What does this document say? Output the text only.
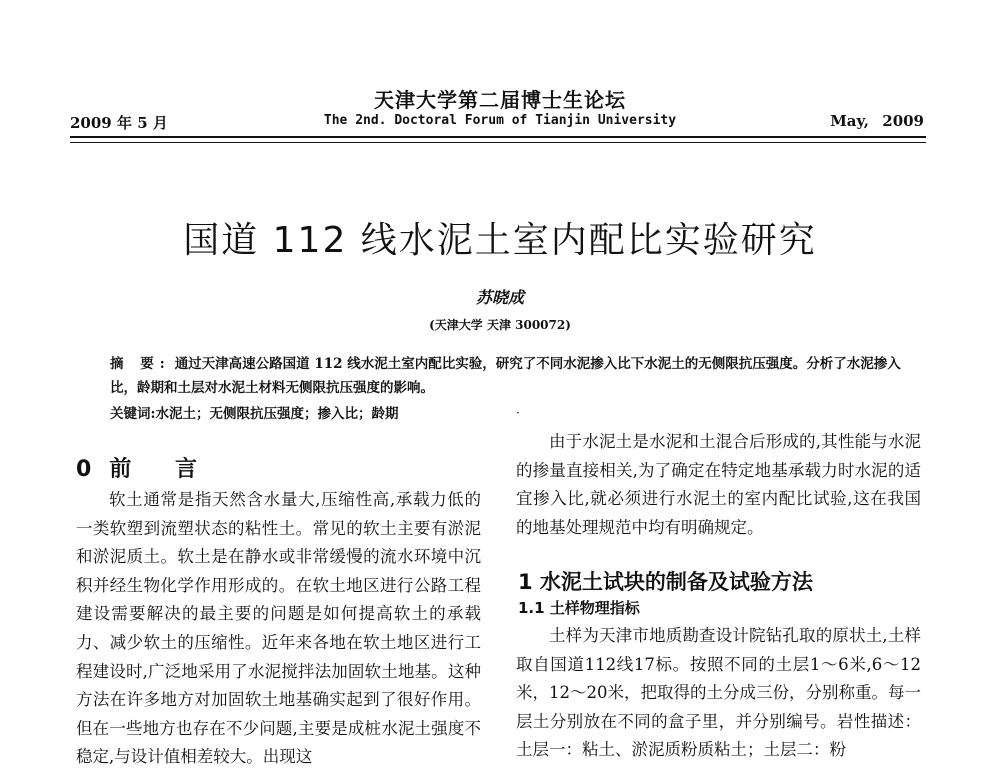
天津大学第二届博士生论坛
2009 年 5 月	The 2nd. Doctoral Forum of Tianjin University	May, 2009
国道 112 线水泥土室内配比实验研究
苏晓成
(天津大学 天津 300072)
摘 要: 通过天津高速公路国道 112 线水泥土室内配比实验，研究了不同水泥掺入比下水泥土的无侧限抗压强度。分析了水泥掺入比，龄期和土层对水泥土材料无侧限抗压强度的影响。
关键词:水泥土；无侧限抗压强度；掺入比；龄期	·
0 前 言

软土通常是指天然含水量大,压缩性高,承载力低的一类软塑到流塑状态的粘性土。常见的软土主要有淤泥和淤泥质土。软土是在静水或非常缓慢的流水环境中沉积并经生物化学作用形成的。在软土地区进行公路工程建设需要解决的最主要的问题是如何提高软土的承载力、减少软土的压缩性。近年来各地在软土地区进行工程建设时,广泛地采用了水泥搅拌法加固软土地基。这种方法在许多地方对加固软土地基确实起到了很好作用。但在一些地方也存在不少问题,主要是成桩水泥土强度不稳定,与设计值相差较大。出现这

由于水泥土是水泥和土混合后形成的,其性能与水泥的掺量直接相关,为了确定在特定地基承载力时水泥的适宜掺入比,就必须进行水泥土的室内配比试验,这在我国的地基处理规范中均有明确规定。

1 水泥土试块的制备及试验方法
1.1 土样物理指标

土样为天津市地质勘查设计院钻孔取的原状土,土样取自国道112线17标。按照不同的土层1～6米,6～12米，12～20米，把取得的土分成三份，分别称重。每一层土分别放在不同的盒子里，并分别编号。岩性描述：土层一：粘土、淤泥质粉质粘土；土层二：粉
